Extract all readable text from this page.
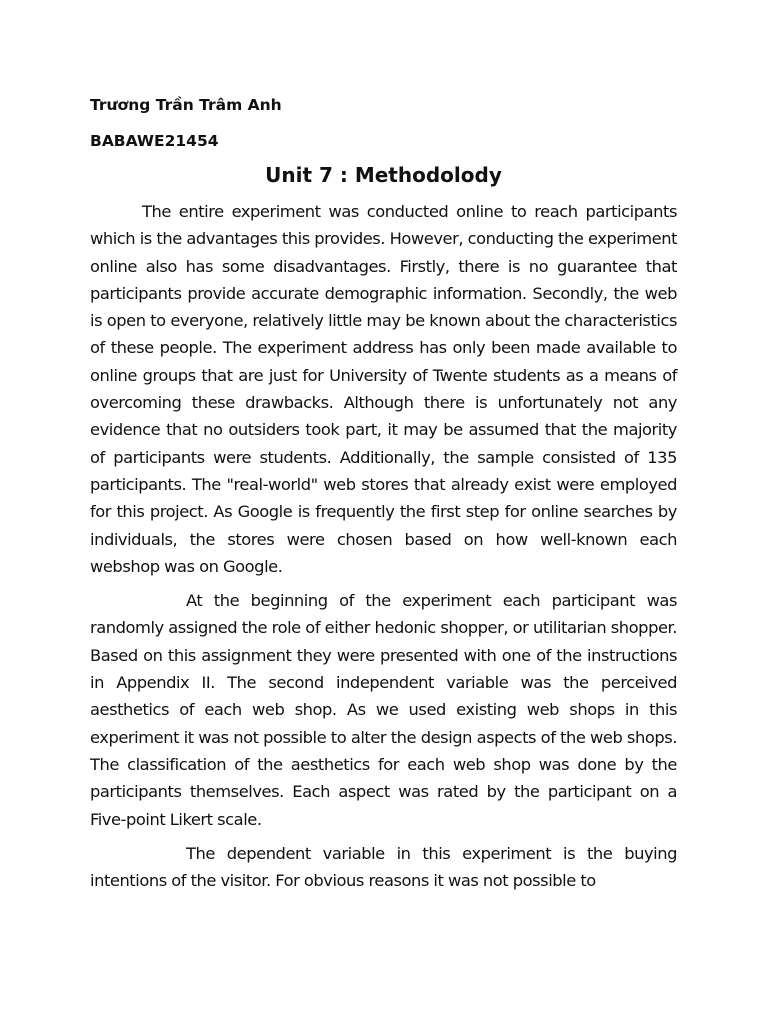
Trương Trần Trâm Anh

BABAWE21454

Unit 7 : Methodolody

The entire experiment was conducted online to reach participants which is the advantages this provides. However, conducting the experiment online also has some disadvantages. Firstly, there is no guarantee that participants provide accurate demographic information. Secondly, the web is open to everyone, relatively little may be known about the characteristics of these people. The experiment address has only been made available to online groups that are just for University of Twente students as a means of overcoming these drawbacks. Although there is unfortunately not any evidence that no outsiders took part, it may be assumed that the majority of participants were students. Additionally, the sample consisted of 135 participants. The "real-world" web stores that already exist were employed for this project. As Google is frequently the first step for online searches by individuals, the stores were chosen based on how well-known each webshop was on Google.

At the beginning of the experiment each participant was randomly assigned the role of either hedonic shopper, or utilitarian shopper. Based on this assignment they were presented with one of the instructions in Appendix II. The second independent variable was the perceived aesthetics of each web shop. As we used existing web shops in this experiment it was not possible to alter the design aspects of the web shops. The classification of the aesthetics for each web shop was done by the participants themselves. Each aspect was rated by the participant on a Five-point Likert scale.

The dependent variable in this experiment is the buying intentions of the visitor. For obvious reasons it was not possible to
